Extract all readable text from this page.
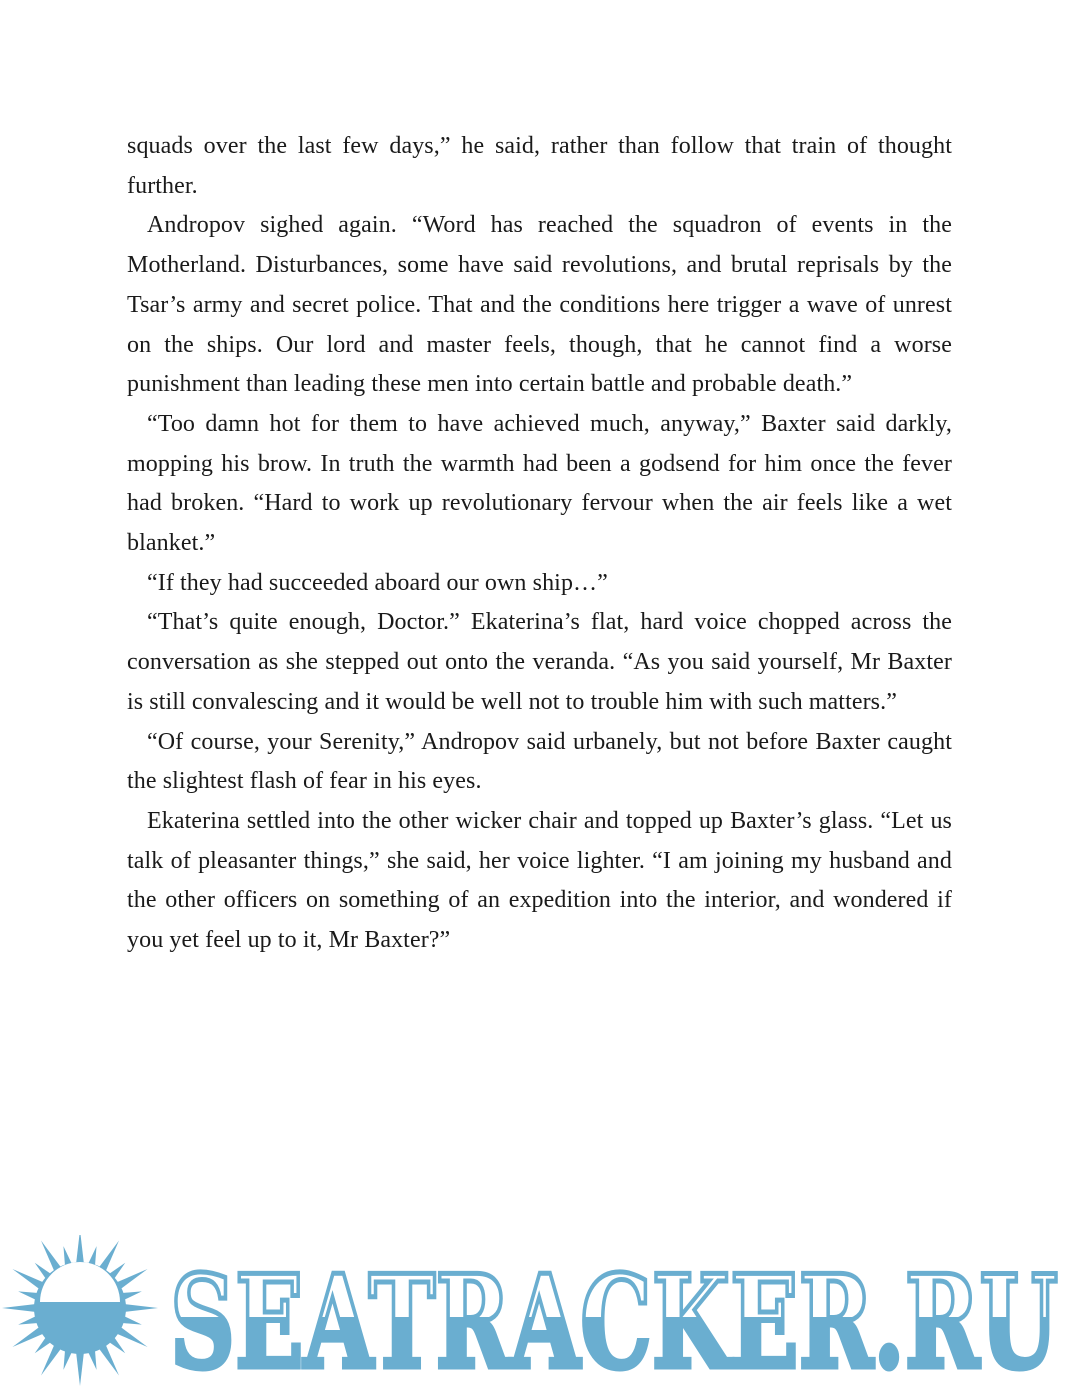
squads over the last few days,” he said, rather than follow that train of thought further.

Andropov sighed again. “Word has reached the squadron of events in the Motherland. Disturbances, some have said revolutions, and brutal reprisals by the Tsar’s army and secret police. That and the conditions here trigger a wave of unrest on the ships. Our lord and master feels, though, that he cannot find a worse punishment than leading these men into certain battle and probable death.”

“Too damn hot for them to have achieved much, anyway,” Baxter said darkly, mopping his brow. In truth the warmth had been a godsend for him once the fever had broken. “Hard to work up revolutionary fervour when the air feels like a wet blanket.”

“If they had succeeded aboard our own ship…”

“That’s quite enough, Doctor.” Ekaterina’s flat, hard voice chopped across the conversation as she stepped out onto the veranda. “As you said yourself, Mr Baxter is still convalescing and it would be well not to trouble him with such matters.”

“Of course, your Serenity,” Andropov said urbanely, but not before Baxter caught the slightest flash of fear in his eyes.

Ekaterina settled into the other wicker chair and topped up Baxter’s glass. “Let us talk of pleasanter things,” she said, her voice lighter. “I am joining my husband and the other officers on something of an expedition into the interior, and wondered if you yet feel up to it, Mr Baxter?”

SEATRACKER.RU
